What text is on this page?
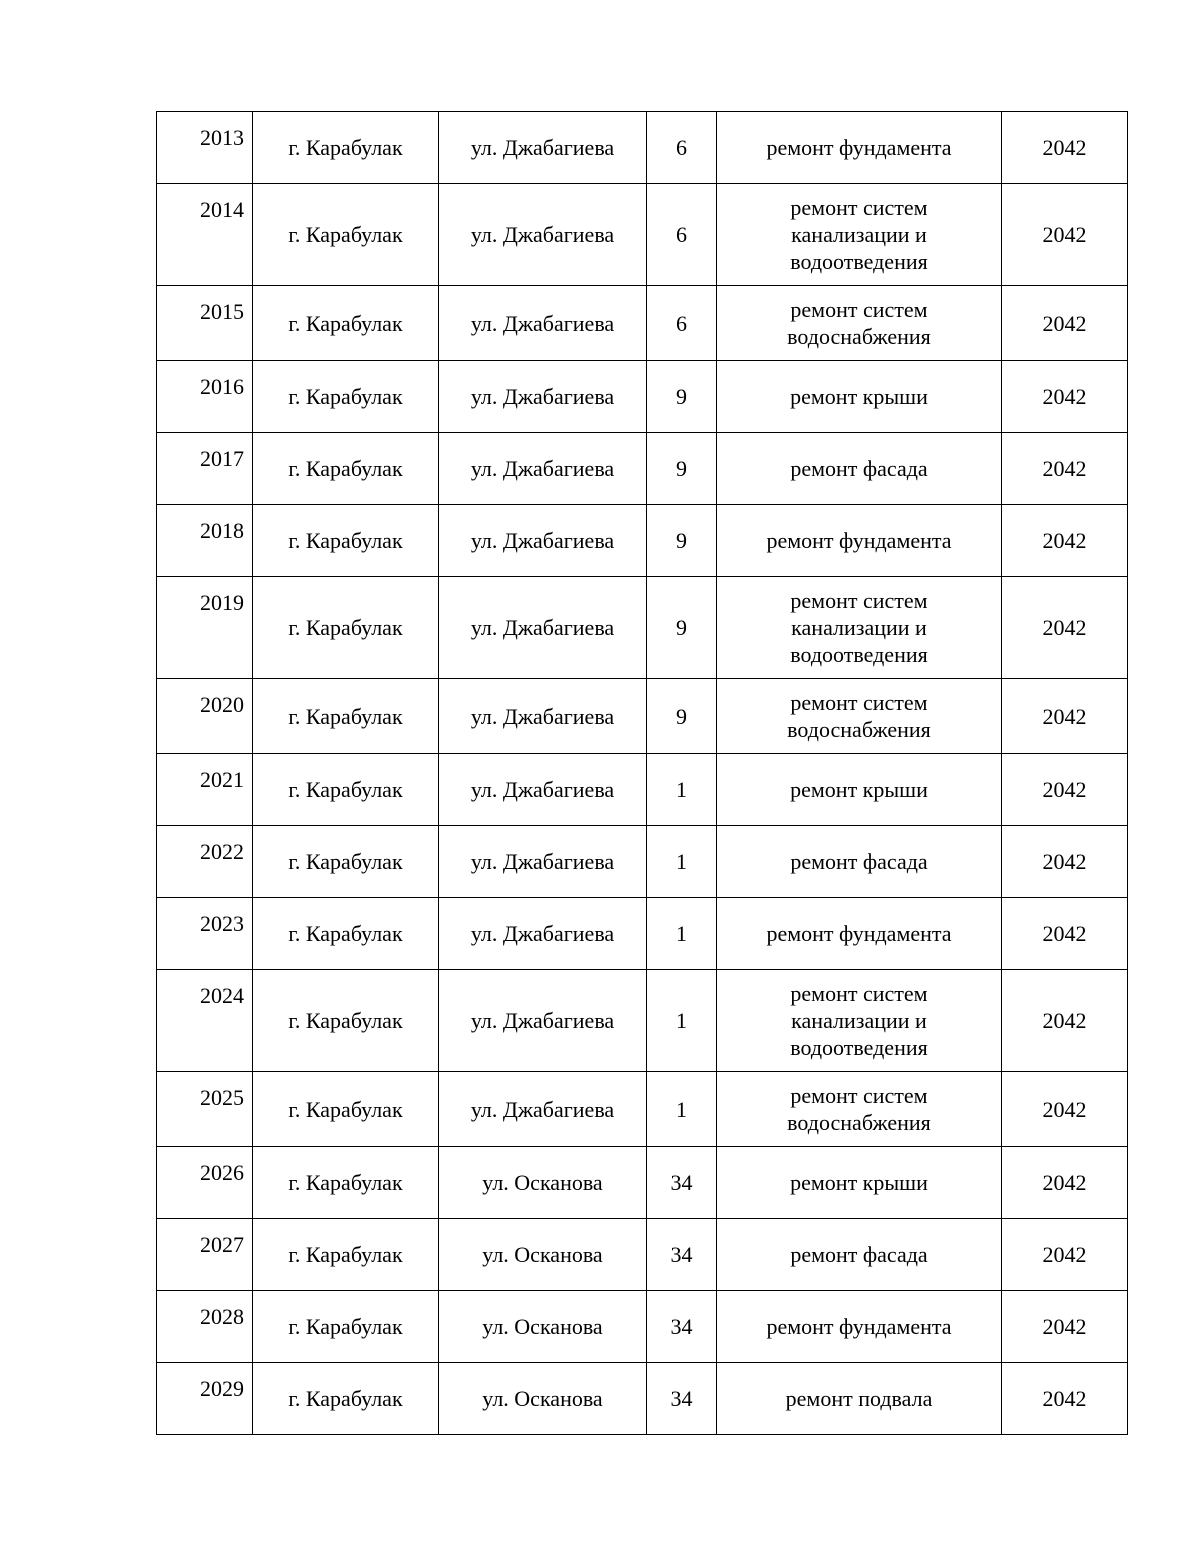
2013	г. Карабулак	ул. Джабагиева	6	ремонт фундамента	2042
2014	г. Карабулак	ул. Джабагиева	6	ремонт систем
канализации и
водоотведения	2042
2015	г. Карабулак	ул. Джабагиева	6	ремонт систем
водоснабжения	2042
2016	г. Карабулак	ул. Джабагиева	9	ремонт крыши	2042
2017	г. Карабулак	ул. Джабагиева	9	ремонт фасада	2042
2018	г. Карабулак	ул. Джабагиева	9	ремонт фундамента	2042
2019	г. Карабулак	ул. Джабагиева	9	ремонт систем
канализации и
водоотведения	2042
2020	г. Карабулак	ул. Джабагиева	9	ремонт систем
водоснабжения	2042
2021	г. Карабулак	ул. Джабагиева	1	ремонт крыши	2042
2022	г. Карабулак	ул. Джабагиева	1	ремонт фасада	2042
2023	г. Карабулак	ул. Джабагиева	1	ремонт фундамента	2042
2024	г. Карабулак	ул. Джабагиева	1	ремонт систем
канализации и
водоотведения	2042
2025	г. Карабулак	ул. Джабагиева	1	ремонт систем
водоснабжения	2042
2026	г. Карабулак	ул. Осканова	34	ремонт крыши	2042
2027	г. Карабулак	ул. Осканова	34	ремонт фасада	2042
2028	г. Карабулак	ул. Осканова	34	ремонт фундамента	2042
2029	г. Карабулак	ул. Осканова	34	ремонт подвала	2042
